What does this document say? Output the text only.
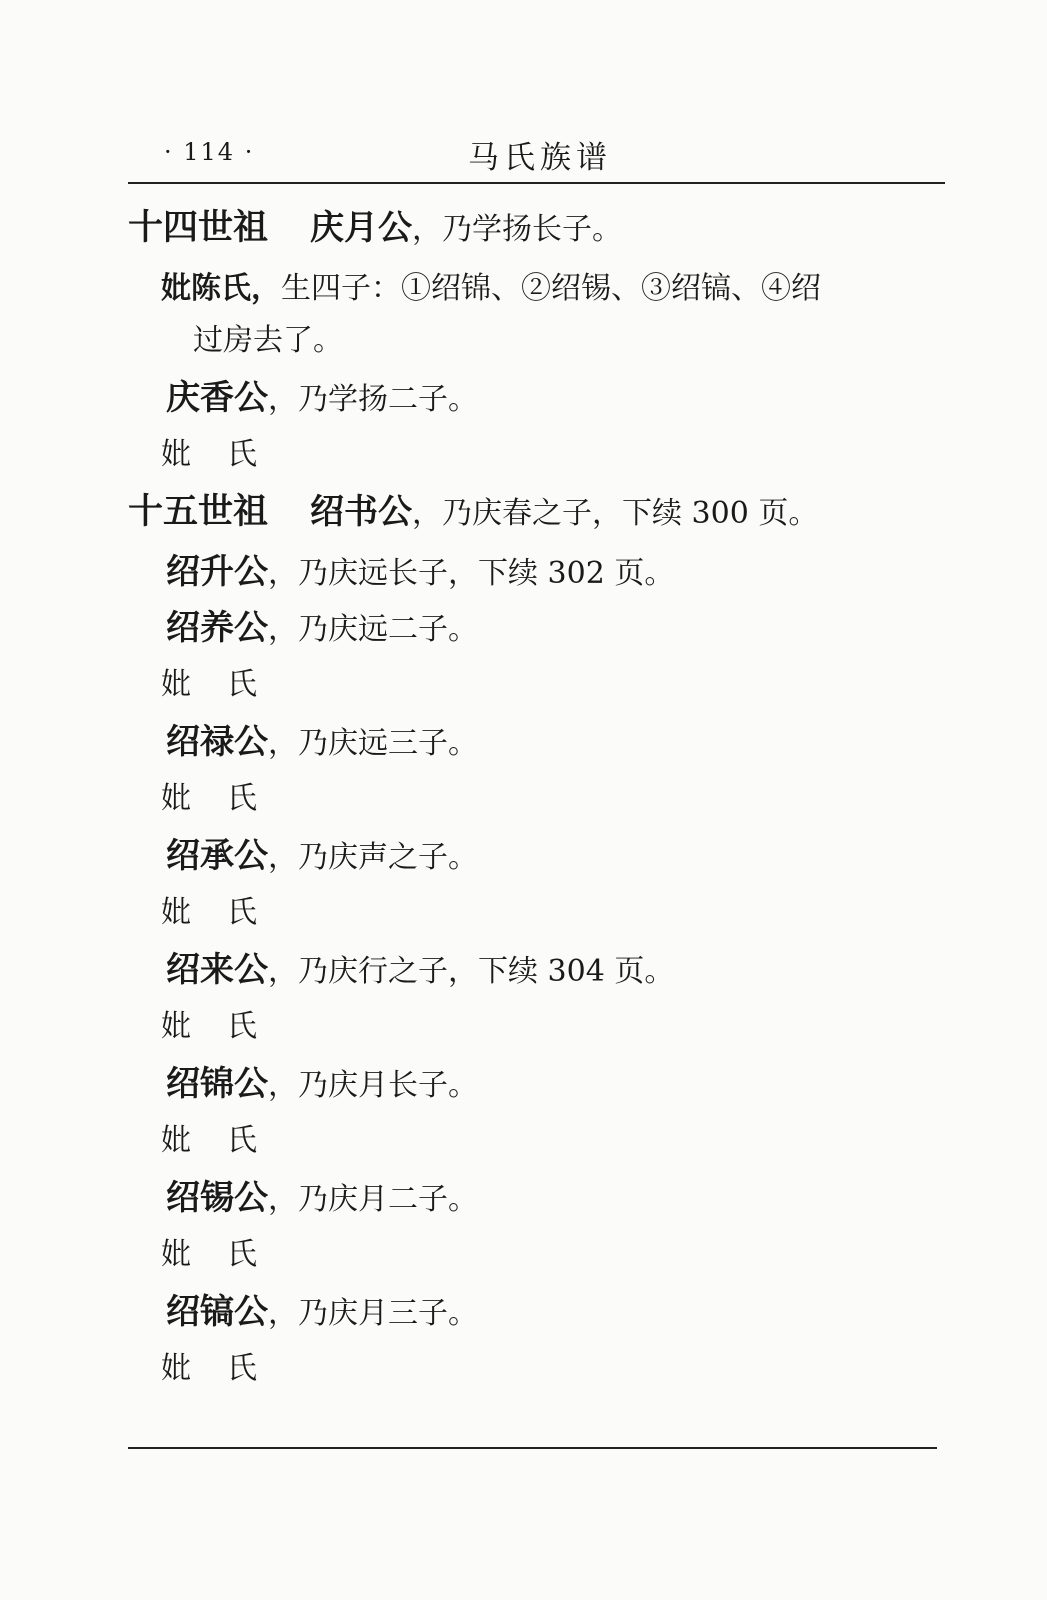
· 114 ·	马氏族谱
十四世祖 庆月公，乃学扬长子。
妣陈氏，生四子：①绍锦、②绍锡、③绍镐、④绍
过房去了。
庆香公，乃学扬二子。
妣 氏
十五世祖 绍书公，乃庆春之子，下续 300 页。
绍升公，乃庆远长子，下续 302 页。
绍养公，乃庆远二子。
妣 氏
绍禄公，乃庆远三子。
妣 氏
绍承公，乃庆声之子。
妣 氏
绍来公，乃庆行之子，下续 304 页。
妣 氏
绍锦公，乃庆月长子。
妣 氏
绍锡公，乃庆月二子。
妣 氏
绍镐公，乃庆月三子。
妣 氏
